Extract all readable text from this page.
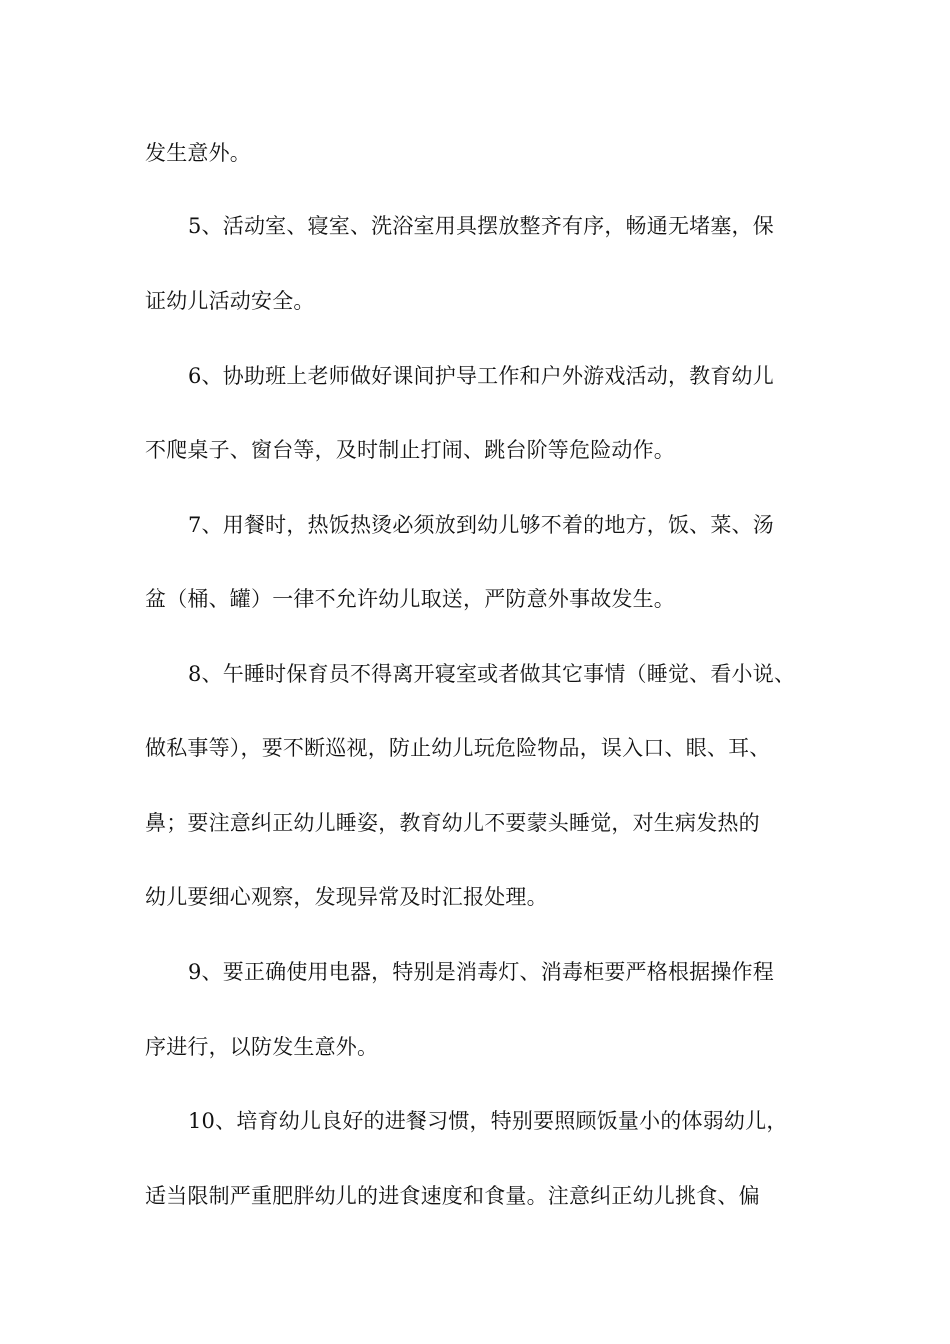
发生意外。
5、活动室、寝室、洗浴室用具摆放整齐有序，畅通无堵塞，保
证幼儿活动安全。
6、协助班上老师做好课间护导工作和户外游戏活动，教育幼儿
不爬桌子、窗台等，及时制止打闹、跳台阶等危险动作。
7、用餐时，热饭热烫必须放到幼儿够不着的地方，饭、菜、汤
盆（桶、罐）一律不允许幼儿取送，严防意外事故发生。
8、午睡时保育员不得离开寝室或者做其它事情（睡觉、看小说、
做私事等），要不断巡视，防止幼儿玩危险物品，误入口、眼、耳、
鼻；要注意纠正幼儿睡姿，教育幼儿不要蒙头睡觉，对生病发热的
幼儿要细心观察，发现异常及时汇报处理。
9、要正确使用电器，特别是消毒灯、消毒柜要严格根据操作程
序进行，以防发生意外。
10、培育幼儿良好的进餐习惯，特别要照顾饭量小的体弱幼儿，
适当限制严重肥胖幼儿的进食速度和食量。注意纠正幼儿挑食、偏
